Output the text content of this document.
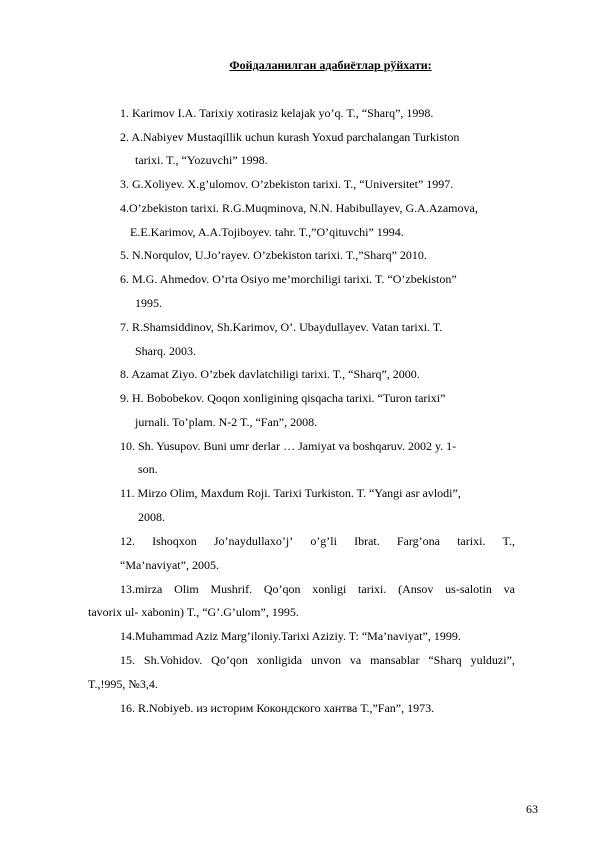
Фойдаланилган адабиётлар рўйхати:
1. Karimov I.A. Tarixiy xotirasiz kelajak yo’q. T., “Sharq”, 1998.
2. A.Nabiyev Mustaqillik uchun kurash Yoxud parchalangan Turkiston
tarixi. T., “Yozuvchi” 1998.
3. G.Xoliyev. X.g’ulomov. O’zbekiston tarixi. T., “Universitet” 1997.
4.O’zbekiston tarixi. R.G.Muqminova, N.N. Habibullayev, G.A.Azamova,
E.E.Karimov, A.A.Tojiboyev. tahr. T.,”O’qituvchi” 1994.
5. N.Norqulov, U.Jo’rayev. O’zbekiston tarixi. T.,”Sharq” 2010.
6. M.G. Ahmedov. O’rta Osiyo me’morchiligi tarixi. T. “O’zbekiston”
1995.
7. R.Shamsiddinov, Sh.Karimov, O’. Ubaydullayev. Vatan tarixi. T.
Sharq. 2003.
8. Azamat Ziyo. O’zbek davlatchiligi tarixi. T., “Sharq”, 2000.
9. H. Bobobekov. Qoqon xonligining qisqacha tarixi. “Turon tarixi”
jurnali. To’plam. N-2 T., “Fan”, 2008.
10. Sh. Yusupov. Buni umr derlar … Jamiyat va boshqaruv. 2002 y. 1-
son.
11. Mirzo Olim, Maxdum Roji. Tarixi Turkiston. T. “Yangi asr avlodi”,
2008.
12. Ishoqxon Jo’naydullaxo’j’ o’g’li Ibrat. Farg’ona tarixi. T.,
“Ma’naviyat”, 2005.
13.mirza Olim Mushrif. Qo’qon xonligi tarixi. (Ansov us-salotin va
tavorix ul- xabonin) T., “G’.G’ulom”, 1995.
14.Muhammad Aziz Marg’iloniy.Tarixi Aziziy. T: “Ma’naviyat”, 1999.
15. Sh.Vohidov. Qo’qon xonligida unvon va mansablar “Sharq yulduzi”,
T.,!995, №3,4.
16. R.Nobiyeb. из историм Кокондского хантва Т.,”Fan”, 1973.
63
